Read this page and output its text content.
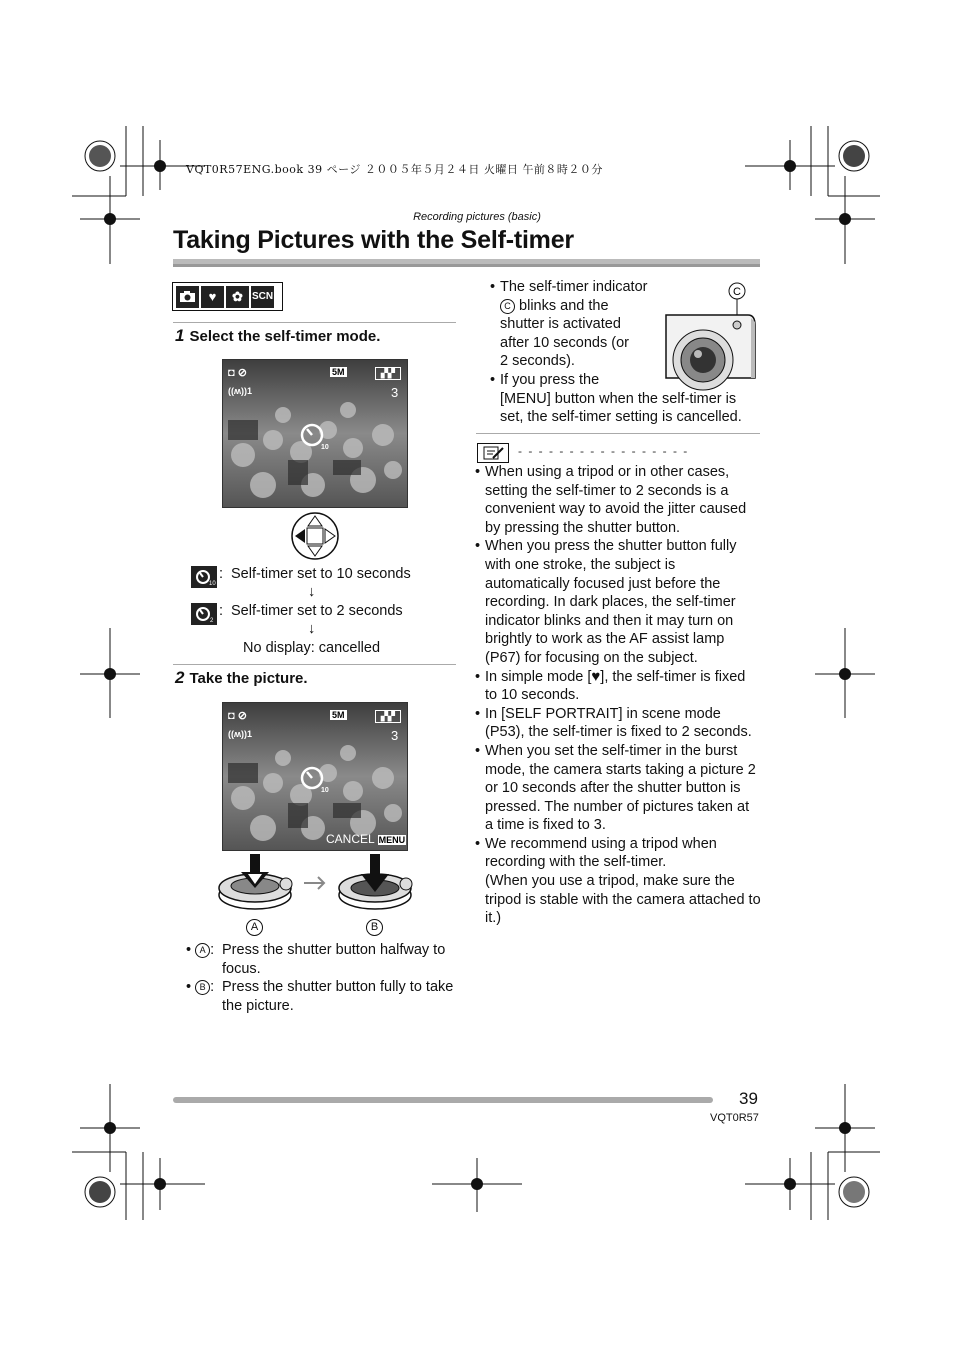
VQT0R57ENG.book 39 ページ ２００５年５月２４日 火曜日 午前８時２０分
Recording pictures (basic)
Taking Pictures with the Self-timer
♥	✿ SCN
1 Select the self-timer mode.
◘ ⊘
((ʍ))1
5M	▞▞
3
10
10
: Self-timer set to 10 seconds
↓
2
: Self-timer set to 2 seconds
↓
No display: cancelled
2 Take the picture.
◘ ⊘
((ʍ))1
5M	▞▞
3
10
CANCEL MENU
A	B
• A : Press the shutter button halfway to focus.
• B : Press the shutter button fully to take the picture.
• The self-timer indicator
C blinks and the
shutter is activated
after 10 seconds (or
2 seconds).
C
• If you press the
[MENU] button when the self-timer is set, the self-timer setting is cancelled.
- - - - - - - - - - - - - - - - -
• When using a tripod or in other cases, setting the self-timer to 2 seconds is a convenient way to avoid the jitter caused by pressing the shutter button.
• When you press the shutter button fully with one stroke, the subject is automatically focused just before the recording. In dark places, the self-timer indicator blinks and then it may turn on brightly to work as the AF assist lamp (P67) for focusing on the subject.
• In simple mode [♥], the self-timer is fixed to 10 seconds.
• In [SELF PORTRAIT] in scene mode (P53), the self-timer is fixed to 2 seconds.
• When you set the self-timer in the burst mode, the camera starts taking a picture 2 or 10 seconds after the shutter button is pressed. The number of pictures taken at a time is fixed to 3.
• We recommend using a tripod when recording with the self-timer.
(When you use a tripod, make sure the tripod is stable with the camera attached to it.)
39
VQT0R57
